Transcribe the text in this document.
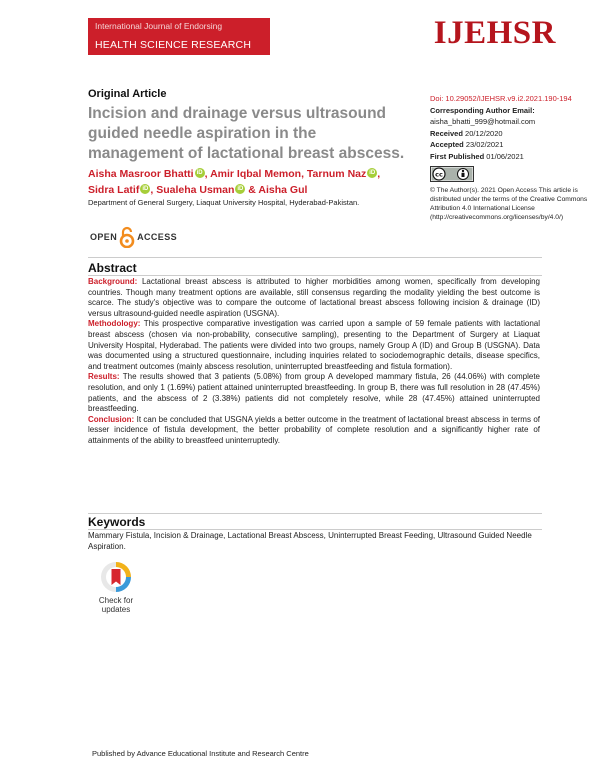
International Journal of Endorsing
HEALTH SCIENCE RESEARCH	IJEHSR
Original Article
Incision and drainage versus ultrasound guided needle aspiration in the management of lactational breast abscess.
Aisha Masroor Bhatti iD , Amir Iqbal Memon, Tarnum Naz iD , Sidra Latif iD , Sualeha Usman iD & Aisha Gul
Department of General Surgery, Liaquat University Hospital, Hyderabad-Pakistan.
OPEN ACCESS
Doi: 10.29052/IJEHSR.v9.i2.2021.190-194
Corresponding Author Email:
aisha_bhatti_999@hotmail.com
Received 20/12/2020
Accepted 23/02/2021
First Published 01/06/2021
cc
© The Author(s). 2021 Open Access This article is distributed under the terms of the Creative Commons Attribution 4.0 International License (http://creativecommons.org/licenses/by/4.0/)
Abstract

Background: Lactational breast abscess is attributed to higher morbidities among women, specifically from developing countries. Though many treatment options are available, still consensus regarding the modality yielding the best outcome is scarce. The study's objective was to compare the outcome of lactational breast abscess following incision & drainage (ID) versus ultrasound-guided needle aspiration (USGNA).

Methodology: This prospective comparative investigation was carried upon a sample of 59 female patients with lactational breast abscess (chosen via non-probability, consecutive sampling), presenting to the Department of Surgery at Liaquat University Hospital, Hyderabad. The patients were divided into two groups, namely Group A (ID) and Group B (USGNA). Data was documented using a structured questionnaire, including inquiries related to sociodemographic details, disease specifics, and treatment outcomes (mainly abscess resolution, uninterrupted breastfeeding and fistula formation).

Results: The results showed that 3 patients (5.08%) from group A developed mammary fistula, 26 (44.06%) with complete resolution, and only 1 (1.69%) patient attained uninterrupted breastfeeding. In group B, there was full resolution in 28 (47.45%) patients, and the abscess of 2 (3.38%) patients did not completely resolve, while 28 (47.45%) attained uninterrupted breastfeeding.

Conclusion: It can be concluded that USGNA yields a better outcome in the treatment of lactational breast abscess in terms of lesser incidence of fistula development, the better probability of complete resolution and a significantly higher rate of attainments of the ability to breastfeed uninterruptedly.

Keywords
Mammary Fistula, Incision & Drainage, Lactational Breast Abscess, Uninterrupted Breast Feeding, Ultrasound Guided Needle Aspiration.
Check for
updates
Published by Advance Educational Institute and Research Centre
